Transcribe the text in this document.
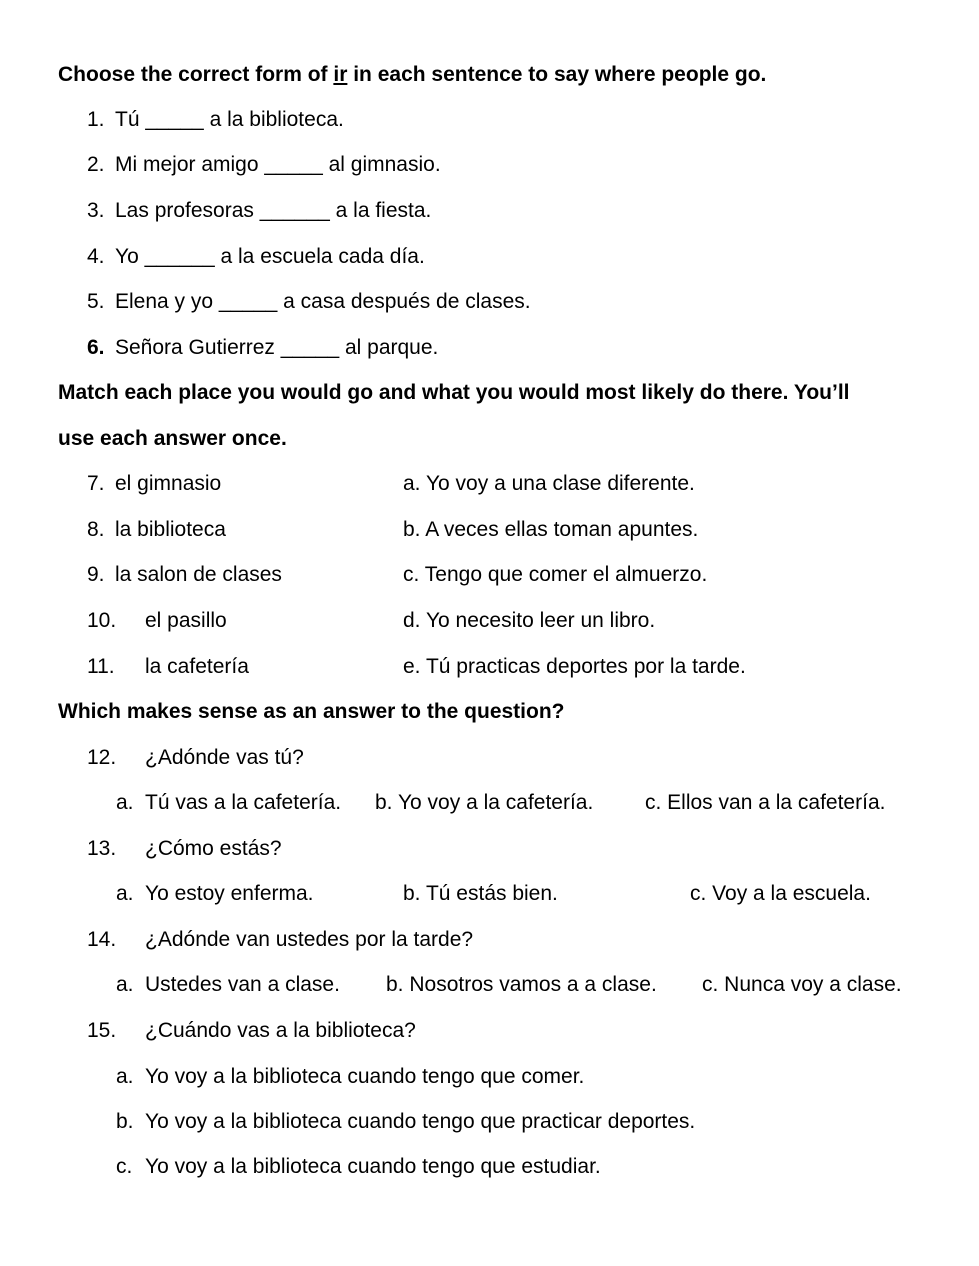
Choose the correct form of ir in each sentence to say where people go.
1. Tú _____ a la biblioteca.
2. Mi mejor amigo _____ al gimnasio.
3. Las profesoras ______ a la fiesta.
4. Yo ______ a la escuela cada día.
5. Elena y yo _____ a casa después de clases.
6. Señora Gutierrez _____ al parque.
Match each place you would go and what you would most likely do there. You’ll
use each answer once.
7. el gimnasio	a. Yo voy a una clase diferente.
8. la biblioteca	b. A veces ellas toman apuntes.
9. la salon de clases	c. Tengo que comer el almuerzo.
10. el pasillo	d. Yo necesito leer un libro.
11. la cafetería	e. Tú practicas deportes por la tarde.
Which makes sense as an answer to the question?
12. ¿Adónde vas tú?
a. Tú vas a la cafetería. b. Yo voy a la cafetería. c. Ellos van a la cafetería.
13. ¿Cómo estás?
a. Yo estoy enferma.	b. Tú estás bien.	c. Voy a la escuela.
14. ¿Adónde van ustedes por la tarde?
a. Ustedes van a clase. b. Nosotros vamos a a clase. c. Nunca voy a clase.
15. ¿Cuándo vas a la biblioteca?
a. Yo voy a la biblioteca cuando tengo que comer.
b. Yo voy a la biblioteca cuando tengo que practicar deportes.
c. Yo voy a la biblioteca cuando tengo que estudiar.
